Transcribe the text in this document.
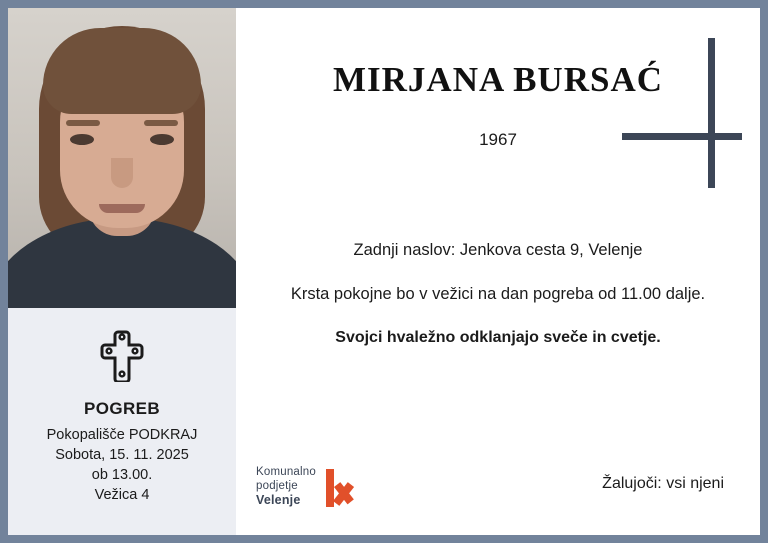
POGREB
Pokopališče PODKRAJ
Sobota, 15. 11. 2025
ob 13.00.
Vežica 4
MIRJANA BURSAĆ
1967
Zadnji naslov: Jenkova cesta 9, Velenje
Krsta pokojne bo v vežici na dan pogreba od 11.00 dalje.
Svojci hvaležno odklanjajo sveče in cvetje.
Žalujoči: vsi njeni
Komunalno
podjetje
Velenje
